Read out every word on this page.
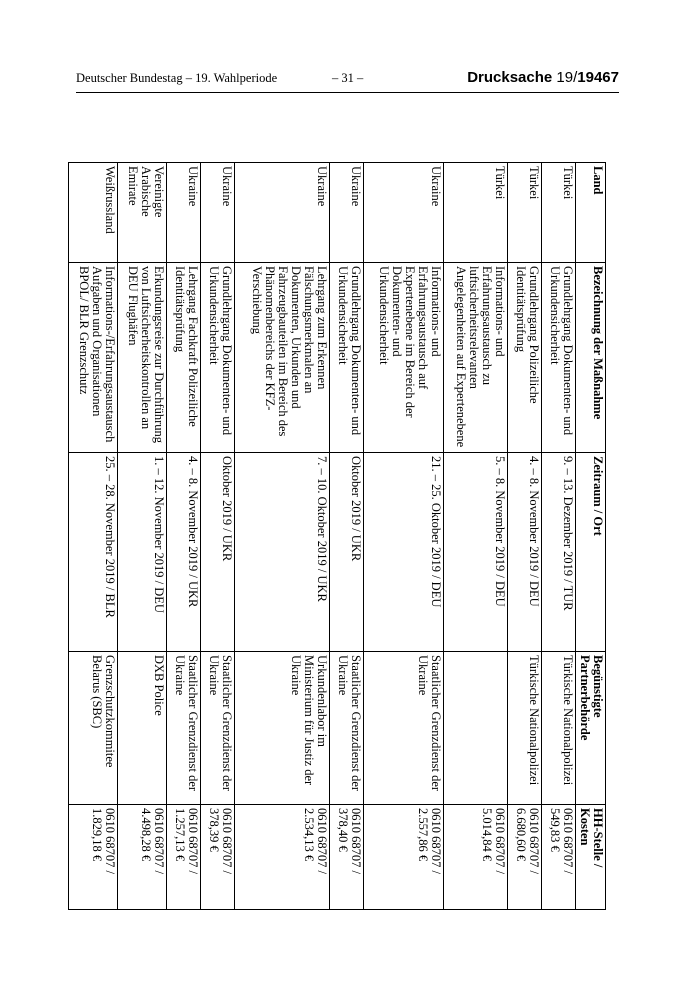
Deutscher Bundestag – 19. Wahlperiode	– 31 –	Drucksache 19/19467
Land	Bezeichnung der Maßnahme	Zeitraum / Ort	Begünstigte Partnerbehörde	HH-Stelle / Kosten
Türkei	Grundlehrgang Dokumenten- und Urkundensicherheit	9. – 13. Dezember 2019 / TUR	Türkische Nationalpolizei	0610 68707 / 549,83 €
Türkei	Grundlehrgang Polizeiliche Identitätsprüfung	4. – 8. November 2019 / DEU	Türkische Nationalpolizei	0610 68707 / 6.680,60 €
Türkei	Informations- und Erfahrungsaustausch zu luftsicherheitsrelevanten Angelegenheiten auf Expertenebene	5. – 8. November 2019 / DEU		0610 68707 / 5.014,84 €
Ukraine	Informations- und Erfahrungsaustausch auf Expertenebene im Bereich der Dokumenten- und Urkundensicherheit	21. – 25. Oktober 2019 / DEU	Staatlicher Grenzdienst der Ukraine	0610 68707 / 2.557,86 €
Ukraine	Grundlehrgang Dokumenten- und Urkundensicherheit	Oktober 2019 / UKR	Staatlicher Grenzdienst der Ukraine	0610 68707 / 378,40 €
Ukraine	Lehrgang zum Erkennen Fälschungsmerkmalen an Dokumenten, Urkunden und Fahrzeugbauteilen im Bereich des Phänomenbereichs der KFZ-Verschiebung	7. – 10. Oktober 2019 / UKR	Urkundenlabor im Ministerium für Justiz der Ukraine	0610 68707 / 2.534,13 €
Ukraine	Grundlehrgang Dokumenten- und Urkundensicherheit	Oktober 2019 / UKR	Staatlicher Grenzdienst der Ukraine	0610 68707 / 378,39 €
Ukraine	Lehrgang Fachkraft Polizeiliche Identitätsprüfung	4. – 8. November 2019 / UKR	Staatlicher Grenzdienst der Ukraine	0610 68707 / 1.257,13 €
Vereinigte Arabische Emirate	Erkundungsreise zur Durchführung von Luftsicherheitskontrollen an DEU Flughäfen	1. – 12. November 2019 / DEU	DXB Police	0610 68707 / 4.498,28 €
Weißrussland	Informations-/Erfahrungsaustausch Aufgaben und Organisationen BPOL/ BLR Grenzschutz	25. – 28. November 2019 / BLR	Grenzschutzkommitee Belarus (SBC)	0610 68707 / 1.829,18 €
